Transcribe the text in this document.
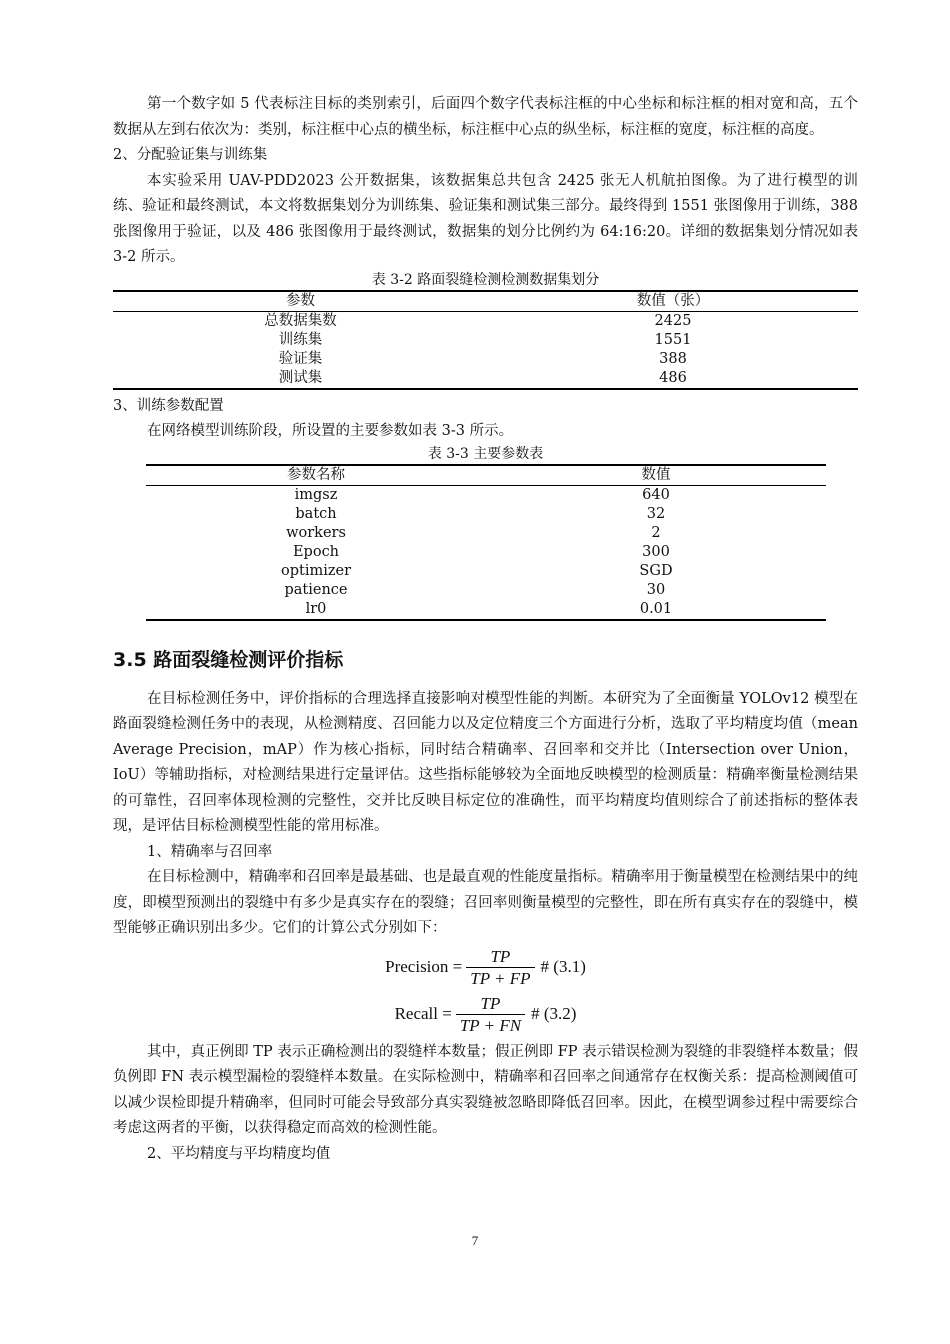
第一个数字如 5 代表标注目标的类别索引，后面四个数字代表标注框的中心坐标和标注框的相对宽和高，五个数据从左到右依次为：类别，标注框中心点的横坐标，标注框中心点的纵坐标，标注框的宽度，标注框的高度。

2、分配验证集与训练集

本实验采用 UAV-PDD2023 公开数据集，该数据集总共包含 2425 张无人机航拍图像。为了进行模型的训练、验证和最终测试，本文将数据集划分为训练集、验证集和测试集三部分。最终得到 1551 张图像用于训练，388 张图像用于验证，以及 486 张图像用于最终测试，数据集的划分比例约为 64:16:20。详细的数据集划分情况如表 3-2 所示。

表 3-2 路面裂缝检测检测数据集划分
参数	数值（张）
总数据集数	2425
训练集	1551
验证集	388
测试集	486

3、训练参数配置

在网络模型训练阶段，所设置的主要参数如表 3-3 所示。

表 3-3 主要参数表
参数名称	数值
imgsz	640
batch	32
workers	2
Epoch	300
optimizer	SGD
patience	30
lr0	0.01
3.5 路面裂缝检测评价指标

在目标检测任务中，评价指标的合理选择直接影响对模型性能的判断。本研究为了全面衡量 YOLOv12 模型在路面裂缝检测任务中的表现，从检测精度、召回能力以及定位精度三个方面进行分析，选取了平均精度均值（mean Average Precision，mAP）作为核心指标，同时结合精确率、召回率和交并比（Intersection over Union，IoU）等辅助指标，对检测结果进行定量评估。这些指标能够较为全面地反映模型的检测质量：精确率衡量检测结果的可靠性，召回率体现检测的完整性，交并比反映目标定位的准确性，而平均精度均值则综合了前述指标的整体表现，是评估目标检测模型性能的常用标准。

1、精确率与召回率

在目标检测中，精确率和召回率是最基础、也是最直观的性能度量指标。精确率用于衡量模型在检测结果中的纯度，即模型预测出的裂缝中有多少是真实存在的裂缝；召回率则衡量模型的完整性，即在所有真实存在的裂缝中，模型能够正确识别出多少。它们的计算公式分别如下：

Precision = $\frac{TP}{TP + FP}$ # (3.1)
Recall = $\frac{TP}{TP + FN}$ # (3.2)

其中，真正例即 TP 表示正确检测出的裂缝样本数量；假正例即 FP 表示错误检测为裂缝的非裂缝样本数量；假负例即 FN 表示模型漏检的裂缝样本数量。在实际检测中，精确率和召回率之间通常存在权衡关系：提高检测阈值可以减少误检即提升精确率，但同时可能会导致部分真实裂缝被忽略即降低召回率。因此，在模型调参过程中需要综合考虑这两者的平衡，以获得稳定而高效的检测性能。

2、平均精度与平均精度均值

7
